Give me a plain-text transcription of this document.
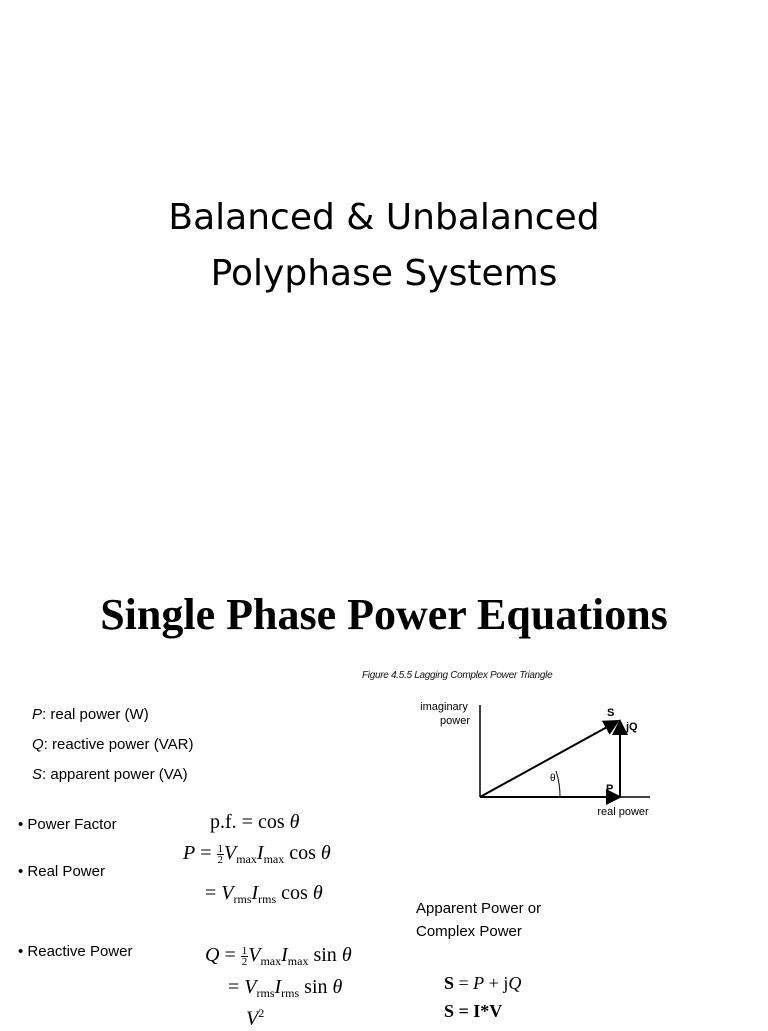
Balanced & Unbalanced
Polyphase Systems
Single Phase Power Equations
Figure 4.5.5 Lagging Complex Power Triangle
imaginary
power
θ
S
jQ
P
real power
P: real power (W)
Q: reactive power (VAR)
S: apparent power (VA)
• Power Factor
• Real Power
• Reactive Power
p.f. = cos θ
$P = \frac{1}{2} V_{max}I_{max}$ cos θ
= $V_{rms}I_{rms}$ cos θ
Apparent Power or
Complex Power
$Q = \frac{1}{2} V_{max}I_{max}$ sin θ
= $V_{rms}I_{rms}$ sin θ
$V^2$
S = P + jQ
S = I*V
